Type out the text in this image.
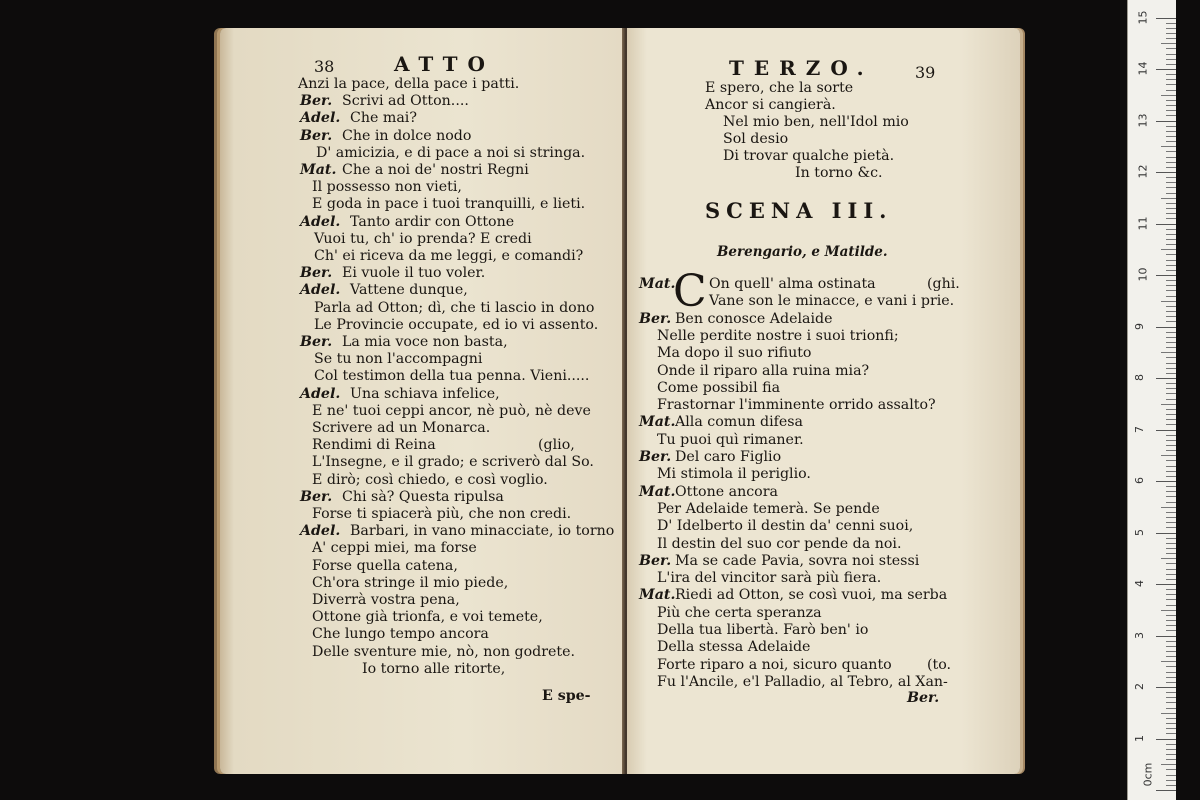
38	ATTO
Anzi la pace, della pace i patti.
Ber. Scrivi ad Otton....
Adel. Che mai?
Ber. Che in dolce nodo
D' amicizia, e di pace a noi si stringa.
Mat. Che a noi de' nostri Regni
Il possesso non vieti,
E goda in pace i tuoi tranquilli, e lieti.
Adel. Tanto ardir con Ottone
Vuoi tu, ch' io prenda? E credi
Ch' ei riceva da me leggi, e comandi?
Ber. Ei vuole il tuo voler.
Adel. Vattene dunque,
Parla ad Otton; dì, che ti lascio in dono
Le Provincie occupate, ed io vi assento.
Ber. La mia voce non basta,
Se tu non l'accompagni
Col testimon della tua penna. Vieni.....
Adel. Una schiava infelice,
E ne' tuoi ceppi ancor, nè può, nè deve
Scrivere ad un Monarca.
Rendimi di Reina	(glio,
L'Insegne, e il grado; e scriverò dal So.
E dirò; così chiedo, e così voglio.
Ber. Chi sà? Questa ripulsa
Forse ti spiacerà più, che non credi.
Adel. Barbari, in vano minacciate, io torno
A' ceppi miei, ma forse
Forse quella catena,
Ch'ora stringe il mio piede,
Diverrà vostra pena,
Ottone già trionfa, e voi temete,
Che lungo tempo ancora
Delle sventure mie, nò, non godrete.
Io torno alle ritorte,
E spe-
TERZO.	39
E spero, che la sorte
Ancor si cangierà.
Nel mio ben, nell'Idol mio
Sol desio
Di trovar qualche pietà.
In torno &c.
SCENA III.
Berengario, e Matilde.
C
Mat. On quell' alma ostinata	(ghi.
Vane son le minacce, e vani i prie.
Ber. Ben conosce Adelaide
Nelle perdite nostre i suoi trionfi;
Ma dopo il suo rifiuto
Onde il riparo alla ruina mia?
Come possibil fia
Frastornar l'imminente orrido assalto?
Mat. Alla comun difesa
Tu puoi quì rimaner.
Ber. Del caro Figlio
Mi stimola il periglio.
Mat. Ottone ancora
Per Adelaide temerà. Se pende
D' Idelberto il destin da' cenni suoi,
Il destin del suo cor pende da noi.
Ber. Ma se cade Pavia, sovra noi stessi
L'ira del vincitor sarà più fiera.
Mat. Riedi ad Otton, se così vuoi, ma serba
Più che certa speranza
Della tua libertà. Farò ben' io
Della stessa Adelaide
Forte riparo a noi, sicuro quanto (to.
Fu l'Ancile, e'l Palladio, al Tebro, al Xan-
Ber.
0cm
1
2
3
4
5
6
7
8
9
10
11
12
13
14
15
